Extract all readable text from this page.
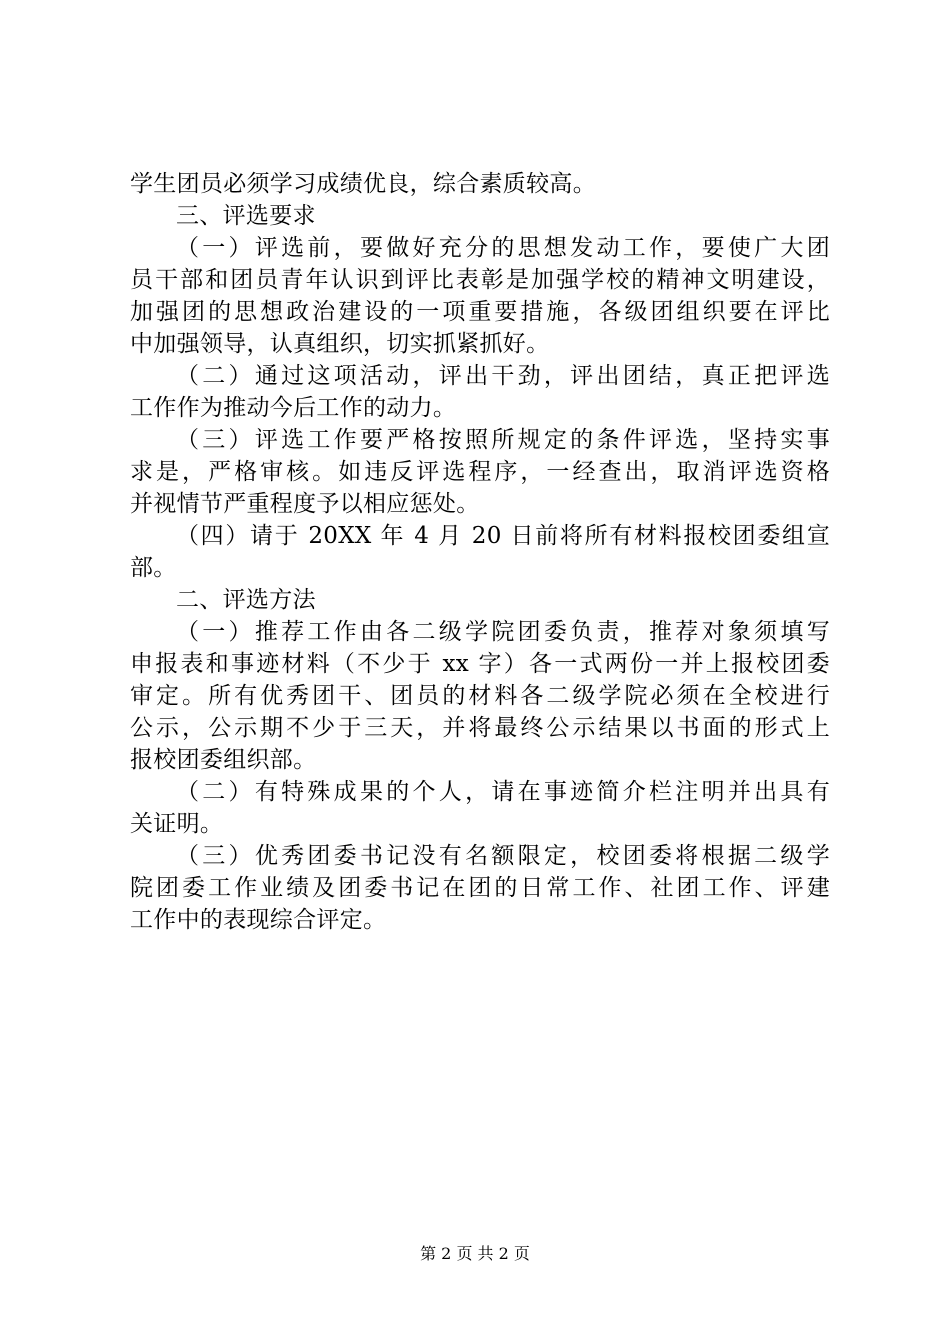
学生团员必须学习成绩优良，综合素质较高。
三、评选要求
（一）评选前，要做好充分的思想发动工作，要使广大团
员干部和团员青年认识到评比表彰是加强学校的精神文明建设，
加强团的思想政治建设的一项重要措施，各级团组织要在评比
中加强领导，认真组织，切实抓紧抓好。
（二）通过这项活动，评出干劲，评出团结，真正把评选
工作作为推动今后工作的动力。
（三）评选工作要严格按照所规定的条件评选，坚持实事
求是，严格审核。如违反评选程序，一经查出，取消评选资格
并视情节严重程度予以相应惩处。
（四）请于 20XX 年 4 月 20 日前将所有材料报校团委组宣
部。
二、评选方法
（一）推荐工作由各二级学院团委负责，推荐对象须填写
申报表和事迹材料（不少于 xx 字）各一式两份一并上报校团委
审定。所有优秀团干、团员的材料各二级学院必须在全校进行
公示，公示期不少于三天，并将最终公示结果以书面的形式上
报校团委组织部。
（二）有特殊成果的个人，请在事迹简介栏注明并出具有
关证明。
（三）优秀团委书记没有名额限定，校团委将根据二级学
院团委工作业绩及团委书记在团的日常工作、社团工作、评建
工作中的表现综合评定。
第 2 页 共 2 页
